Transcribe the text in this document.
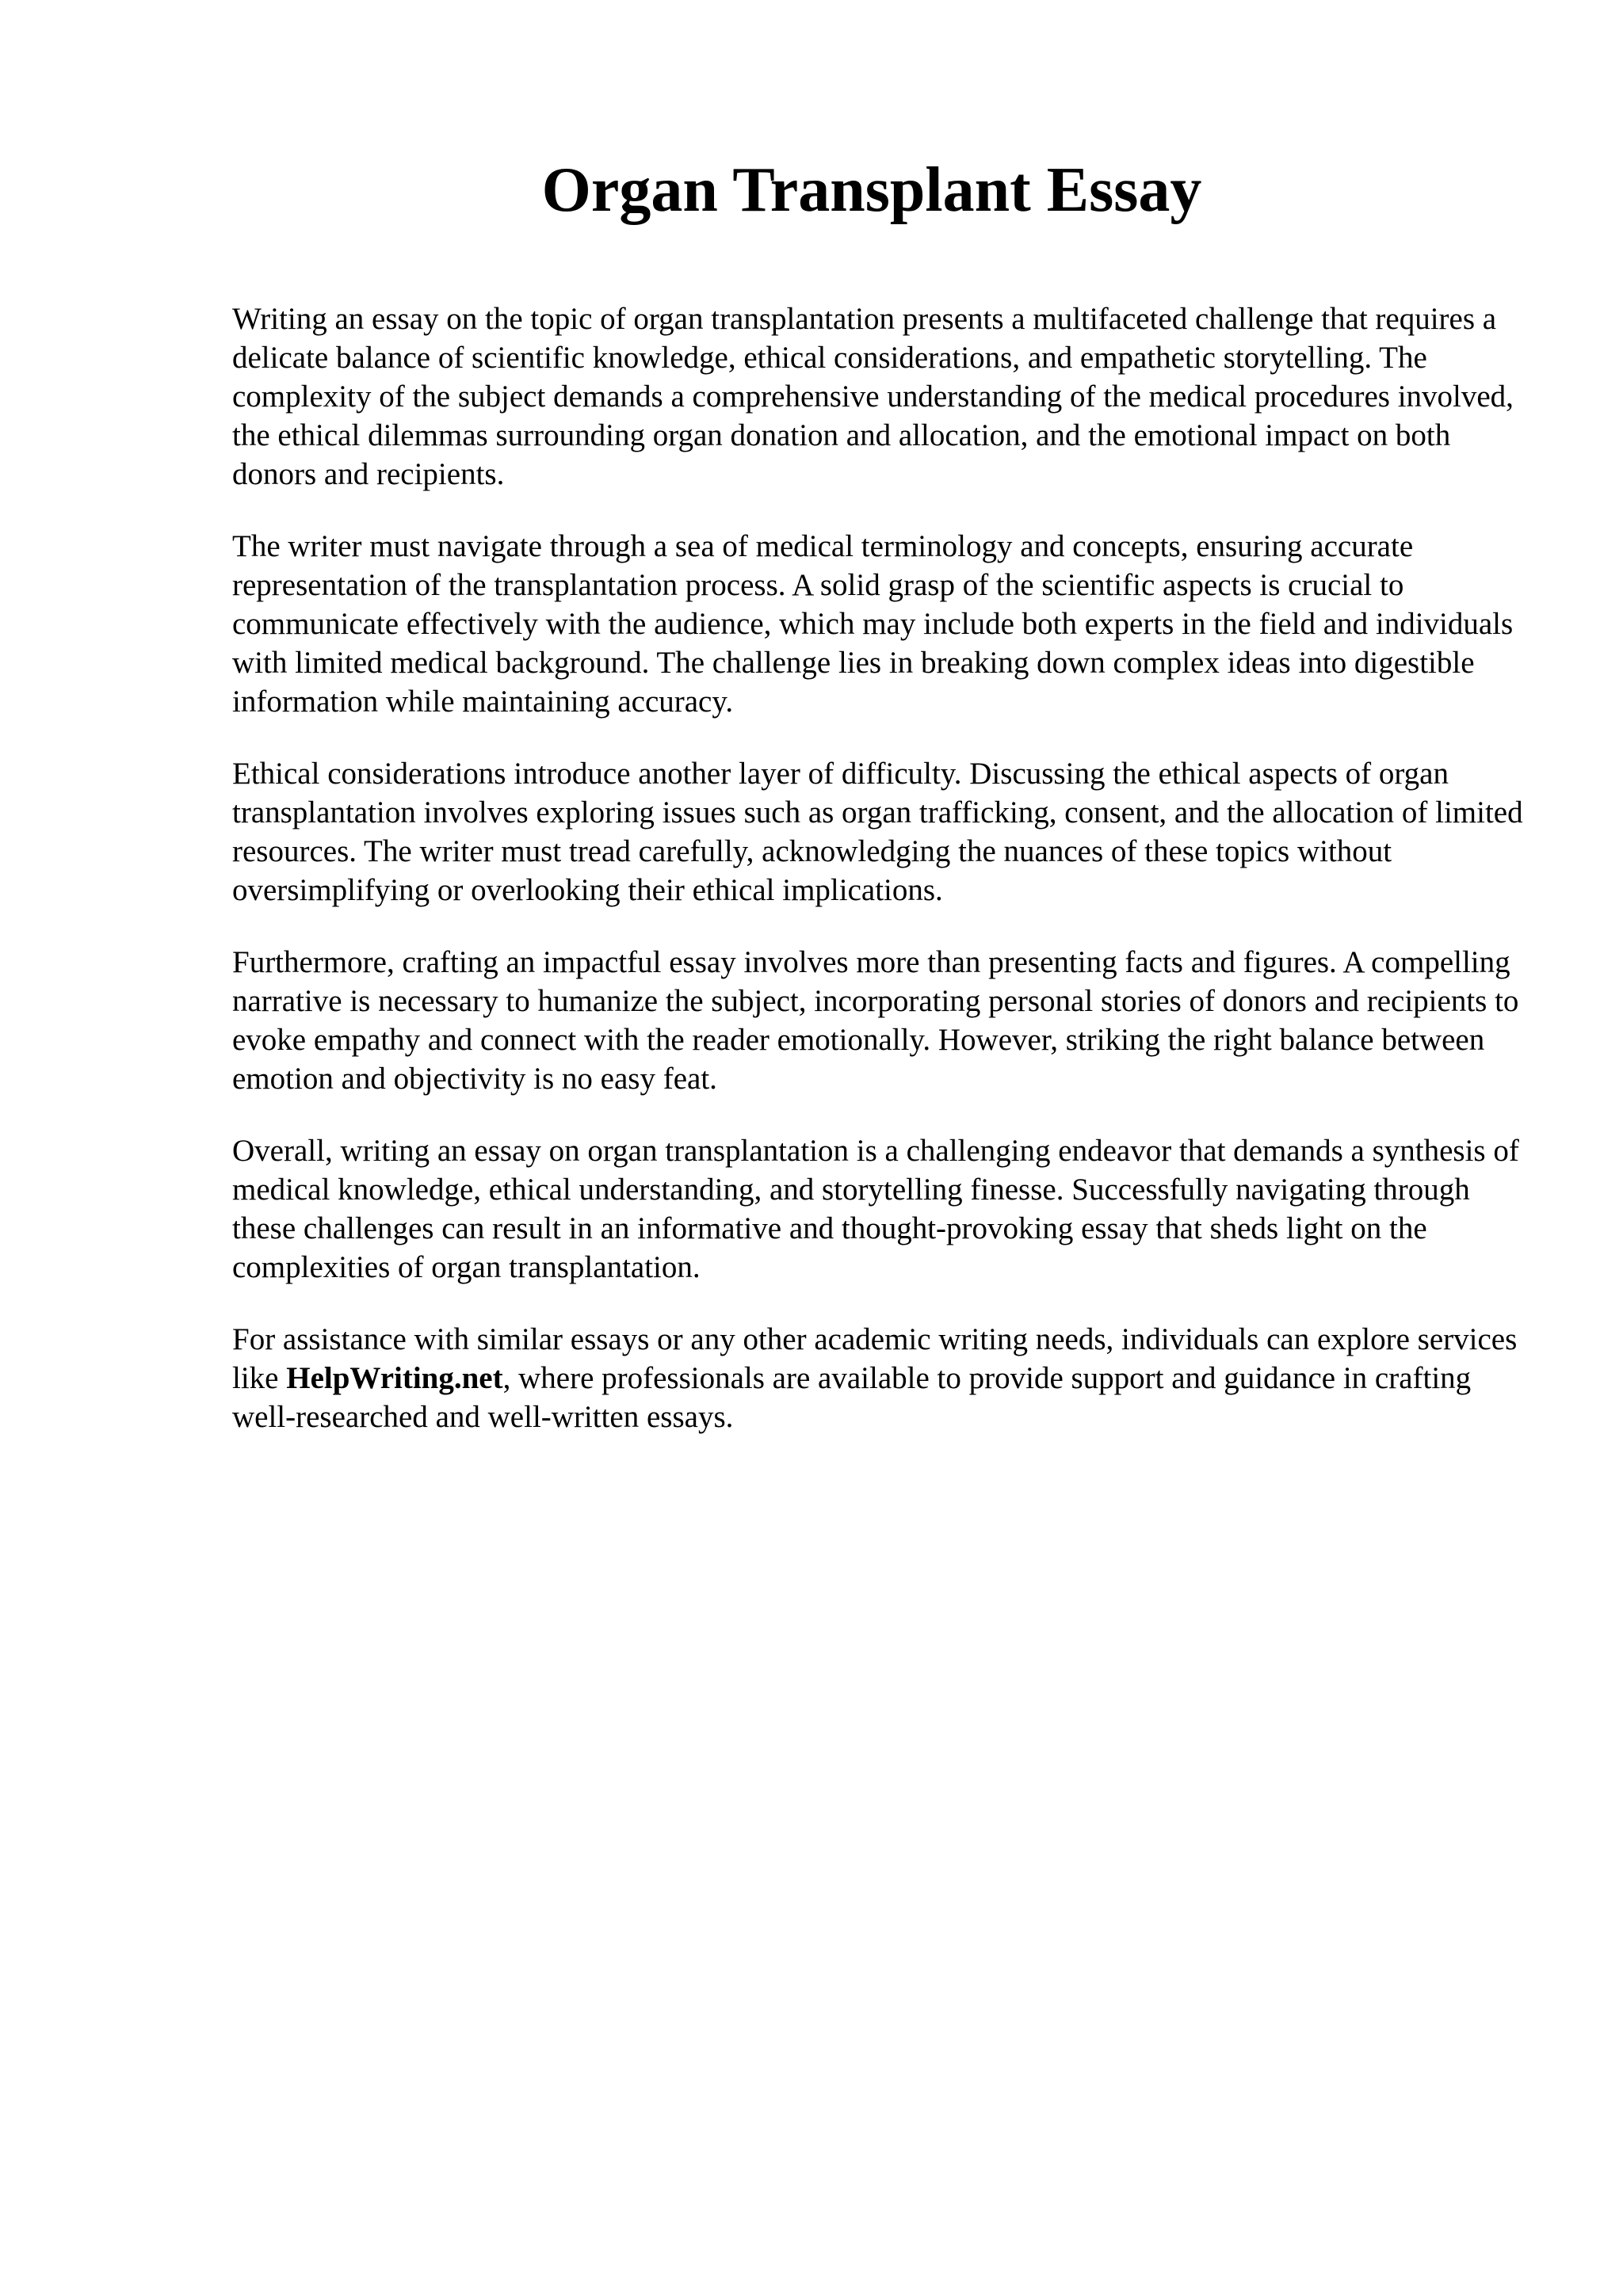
Organ Transplant Essay

Writing an essay on the topic of organ transplantation presents a multifaceted challenge that requires a delicate balance of scientific knowledge, ethical considerations, and empathetic storytelling. The complexity of the subject demands a comprehensive understanding of the medical procedures involved, the ethical dilemmas surrounding organ donation and allocation, and the emotional impact on both donors and recipients.

The writer must navigate through a sea of medical terminology and concepts, ensuring accurate representation of the transplantation process. A solid grasp of the scientific aspects is crucial to communicate effectively with the audience, which may include both experts in the field and individuals with limited medical background. The challenge lies in breaking down complex ideas into digestible information while maintaining accuracy.

Ethical considerations introduce another layer of difficulty. Discussing the ethical aspects of organ transplantation involves exploring issues such as organ trafficking, consent, and the allocation of limited resources. The writer must tread carefully, acknowledging the nuances of these topics without oversimplifying or overlooking their ethical implications.

Furthermore, crafting an impactful essay involves more than presenting facts and figures. A compelling narrative is necessary to humanize the subject, incorporating personal stories of donors and recipients to evoke empathy and connect with the reader emotionally. However, striking the right balance between emotion and objectivity is no easy feat.

Overall, writing an essay on organ transplantation is a challenging endeavor that demands a synthesis of medical knowledge, ethical understanding, and storytelling finesse. Successfully navigating through these challenges can result in an informative and thought-provoking essay that sheds light on the complexities of organ transplantation.

For assistance with similar essays or any other academic writing needs, individuals can explore services like HelpWriting.net, where professionals are available to provide support and guidance in crafting well-researched and well-written essays.
